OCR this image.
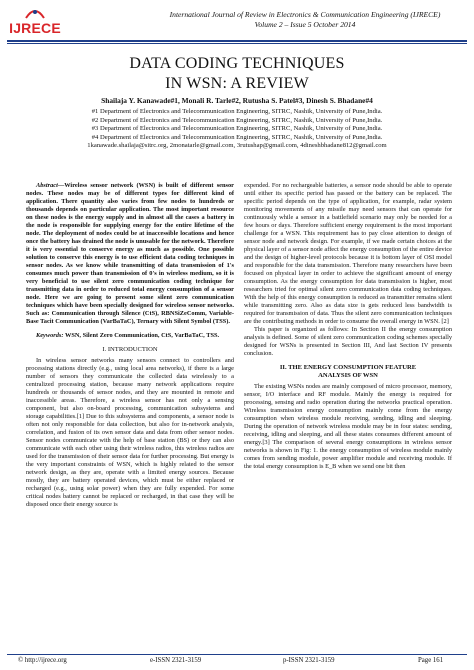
IJRECE
International Journal of Review in Electronics & Communication Engineering (IJRECE)
Volume 2 – Issue 5 October 2014
DATA CODING TECHNIQUES
IN WSN: A REVIEW
Shailaja Y. Kanawade#1, Monali R. Tarle#2, Rutusha S. Patel#3, Dinesh S. Bhadane#4
#1 Department of Electronics and Telecommunication Engineering, SITRC, Nashik, University of Pune,India.
#2 Department of Electronics and Telecommunication Engineering, SITRC, Nashik, University of Pune,India.
#3 Department of Electronics and Telecommunication Engineering, SITRC, Nashik, University of Pune,India.
#4 Department of Electronics and Telecommunication Engineering, SITRC, Nashik, University of Pune,India.
1kanawade.shailaja@sitrc.org, 2monatarle@gmail.com, 3rutushap@gmail.com, 4dineshbhadane812@gmail.com

Abstract—Wireless sensor network (WSN) is built of different sensor nodes. These nodes may be of different types for different kind of application. There quantity also varies from few nodes to hundreds or thousands depends on particular application. The most important resource on these nodes is the energy supply and in almost all the cases a battery in the node is responsible for supplying energy for the entire lifetime of the node. The deployment of nodes could be at inaccessible locations and hence once the battery has drained the node is unusable for the network. Therefore it is very essential to conserve energy as much as possible. One possible solution to conserve this energy is to use efficient data coding techniques in sensor nodes. As we know while transmitting of data transmission of 1's consumes much power than transmission of 0's in wireless medium, so it is very beneficial to use silent zero communication coding technique for transmitting data in order to reduced total energy consumption of a sensor node. Here we are going to present some silent zero communication techniques which have been specially designed for wireless sensor networks. Such as: Communication through Silence (CtS), RBNSiZeComm, Variable-Base Tacit Communication (VarBaTaC), Ternary with Silent Symbol (TSS).

Keywords: WSN, Silent Zero Communication, CtS, VarBaTaC, TSS.

I. INTRODUCTION

In wireless sensor networks many sensors connect to controllers and processing stations directly (e.g., using local area networks), if there is a large number of sensors they communicate the collected data wirelessly to a centralized processing station, because many network applications require hundreds or thousands of sensor nodes, and they are mounted in remote and inaccessible areas. Therefore, a wireless sensor has not only a sensing component, but also on-board processing, communication subsystems and storage capabilities.[1] Due to this subsystems and components, a sensor node is often not only responsible for data collection, but also for in-network analysis, correlation, and fusion of its own sensor data and data from other sensor nodes. Sensor nodes communicate with the help of base station (BS) or they can also communicate with each other using their wireless radios, this wireless radios are used for the transmission of their sensor data for further processing. But energy is the very important constraints of WSN, which is highly related to the sensor network design, as they are, operate with a limited energy sources. Because mostly, they are battery operated devices, which must be either replaced or recharged (e.g., using solar power) when they are fully expended. For some critical nodes battery cannot be replaced or recharged, in that case they will be disposed once their energy source is

expended. For no rechargeable batteries, a sensor node should be able to operate until either its specific period has passed or the battery can be replaced. The specific period depends on the type of application, for example, radar system monitoring movements of any missile may need sensors that can operate for continuously while a sensor in a battlefield scenario may only be needed for a few hours or days. Therefore sufficient energy requirement is the most important challenge for a WSN. This requirement has to pay close attention to design of sensor node and network design. For example, if we made certain choices at the physical layer of a sensor node affect the energy consumption of the entire device and the design of higher-level protocols because it is bottom layer of OSI model and responsible for the data transmission. Therefore many researchers have been focused on physical layer in order to achieve the significant amount of energy consumption. As the energy consumption for data transmission is higher, most researchers tried for optimal silent zero communication data coding techniques. With the help of this energy consumption is reduced as transmitter remains silent while transmitting zero. Also as data size is gets reduced less bandwidth is required for transmission of data. Thus the silent zero communication techniques are the contributing methods in order to consume the overall energy in WSN. [2]

This paper is organized as follows: In Section II the energy consumption analysis is defined. Some of silent zero communication coding schemes specially designed for WSNs is presented in Section III, And last Section IV presents conclusion.

II. THE ENERGY CONSUMPTION FEATURE
ANALYSIS OF WSN

The existing WSNs nodes are mainly composed of micro processor, memory, sensor, I/O interface and RF module. Mainly the energy is required for processing, sensing and radio operation during the networks practical operation. Wireless transmission energy consumption mainly come from the energy consumption when wireless module receiving, sending, idling and sleeping. During the operation of network wireless module may be in four states: sending, receiving, idling and sleeping, and all these states consumes different amount of energy.[3] The comparison of several energy consumptions in wireless sensor networks is shown in Fig: 1. the energy consumption of wireless module mainly comes from sending module, power amplifier module and receiving module. If the total energy consumption is E_B when we send one bit then

© http://ijrece.org	e-ISSN 2321-3159	p-ISSN 2321-3159	Page 161
